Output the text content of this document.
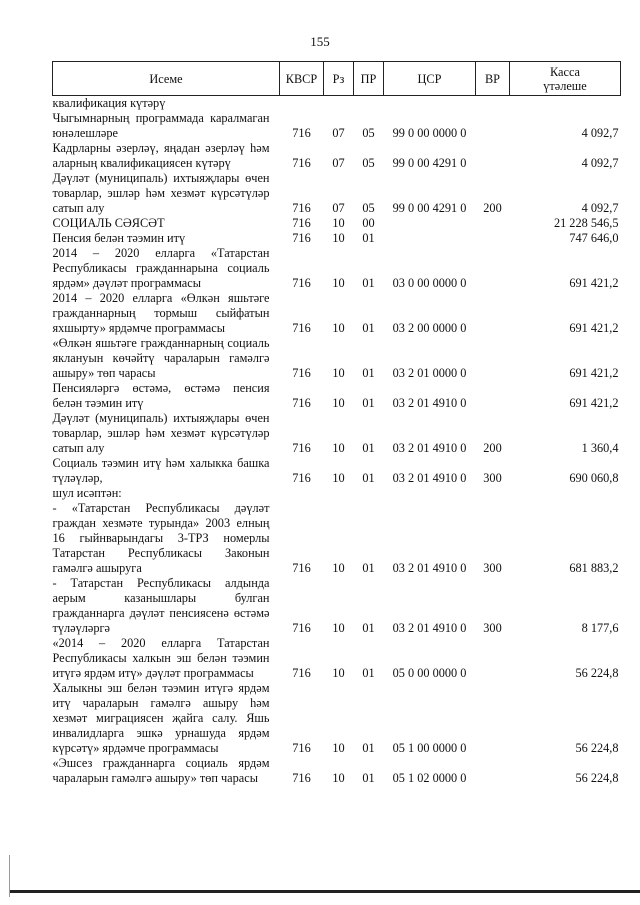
155
Исеме	КВСР	Рз	ПР	ЦСР	ВР	Касса
үтәлеше

квалификация күтәрү						
Чыгымнарның программада каралмаган юнәлешләре	716	07	05	99 0 00 0000 0		4 092,7
Кадрларны әзерләү, яңадан әзерләү һәм аларның квалификациясен күтәрү	716	07	05	99 0 00 4291 0		4 092,7
Дәүләт (муниципаль) ихтыяҗлары өчен товарлар, эшләр һәм хезмәт күрсәтүләр сатып алу	716	07	05	99 0 00 4291 0	200	4 092,7
СОЦИАЛЬ СӘЯСӘТ	716	10	00			21 228 546,5
Пенсия белән тәэмин итү	716	10	01			747 646,0
2014 – 2020 елларга «Татарстан Республикасы гражданнарына социаль ярдәм» дәүләт программасы	716	10	01	03 0 00 0000 0		691 421,2
2014 – 2020 елларга «Өлкән яшьтәге гражданнарның тормыш сыйфатын яхшырту» ярдәмче программасы	716	10	01	03 2 00 0000 0		691 421,2
«Өлкән яшьтәге гражданнарның социаль яклануын көчәйтү чараларын гамәлгә ашыру» төп чарасы	716	10	01	03 2 01 0000 0		691 421,2
Пенсияләргә өстәмә, өстәмә пенсия белән тәэмин итү	716	10	01	03 2 01 4910 0		691 421,2
Дәүләт (муниципаль) ихтыяҗлары өчен товарлар, эшләр һәм хезмәт күрсәтүләр сатып алу	716	10	01	03 2 01 4910 0	200	1 360,4
Социаль тәэмин итү һәм халыкка башка түләүләр,	716	10	01	03 2 01 4910 0	300	690 060,8
шул исәптән:						
- «Татарстан Республикасы дәүләт граждан хезмәте турында» 2003 елның 16 гыйнварындагы 3-ТРЗ номерлы Татарстан Республикасы Законын гамәлгә ашыруга	716	10	01	03 2 01 4910 0	300	681 883,2
- Татарстан Республикасы алдында аерым казанышлары булган гражданнарга дәүләт пенсиясенә өстәмә түләүләргә	716	10	01	03 2 01 4910 0	300	8 177,6
«2014 – 2020 елларга Татарстан Республикасы халкын эш белән тәэмин итүгә ярдәм итү» дәүләт программасы	716	10	01	05 0 00 0000 0		56 224,8
Халыкны эш белән тәэмин итүгә ярдәм итү чараларын гамәлгә ашыру һәм хезмәт миграциясен җайга салу. Яшь инвалидларга эшкә урнашуда ярдәм күрсәтү» ярдәмче программасы	716	10	01	05 1 00 0000 0		56 224,8
«Эшсез гражданнарга социаль ярдәм чараларын гамәлгә ашыру» төп чарасы	716	10	01	05 1 02 0000 0		56 224,8
